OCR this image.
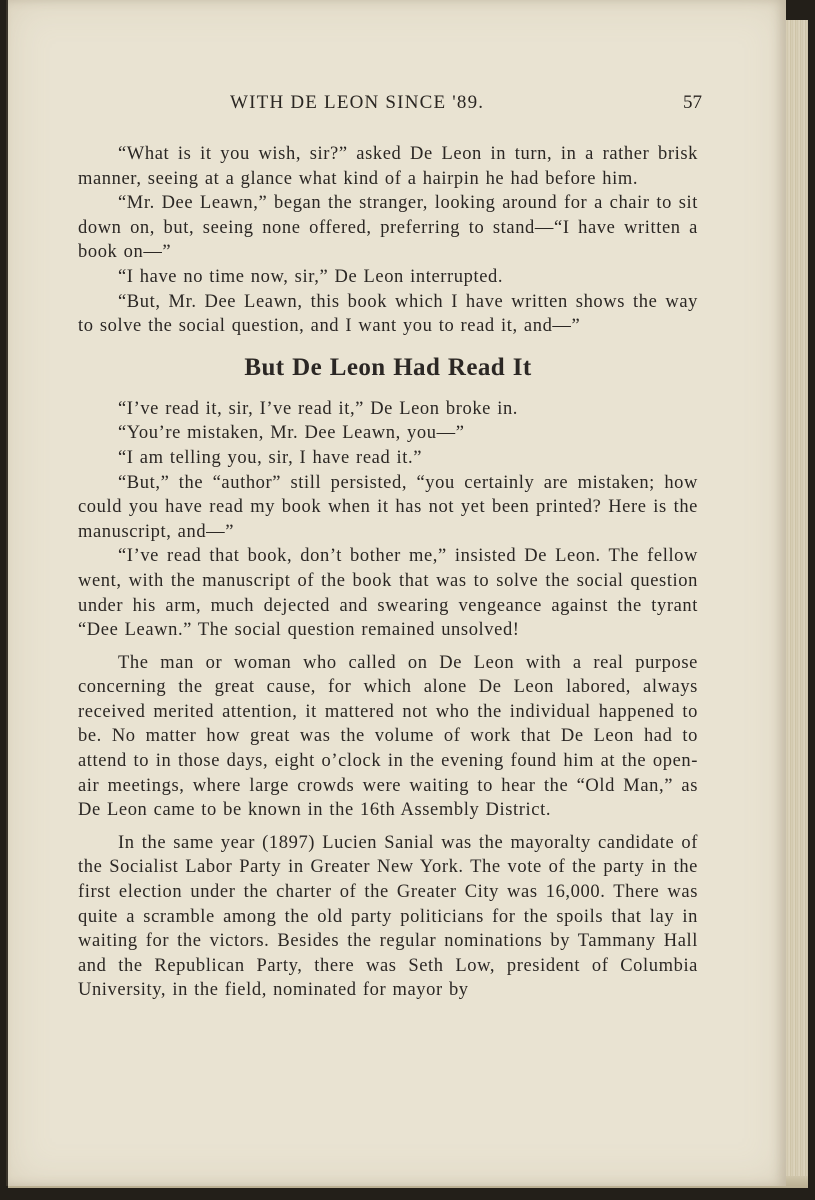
WITH DE LEON SINCE '89.	57

“What is it you wish, sir?” asked De Leon in turn, in a rather brisk manner, seeing at a glance what kind of a hairpin he had before him.

“Mr. Dee Leawn,” began the stranger, looking around for a chair to sit down on, but, seeing none offered, preferring to stand—“I have written a book on—”

“I have no time now, sir,” De Leon interrupted.

“But, Mr. Dee Leawn, this book which I have written shows the way to solve the social question, and I want you to read it, and—”

But De Leon Had Read It

“I’ve read it, sir, I’ve read it,” De Leon broke in.

“You’re mistaken, Mr. Dee Leawn, you—”

“I am telling you, sir, I have read it.”

“But,” the “author” still persisted, “you certainly are mistaken; how could you have read my book when it has not yet been printed? Here is the manuscript, and—”

“I’ve read that book, don’t bother me,” insisted De Leon. The fellow went, with the manuscript of the book that was to solve the social question under his arm, much dejected and swearing vengeance against the tyrant “Dee Leawn.” The social question remained unsolved!

The man or woman who called on De Leon with a real purpose concerning the great cause, for which alone De Leon labored, always received merited attention, it mattered not who the individual happened to be. No matter how great was the volume of work that De Leon had to attend to in those days, eight o’clock in the evening found him at the open-air meetings, where large crowds were waiting to hear the “Old Man,” as De Leon came to be known in the 16th Assembly District.

In the same year (1897) Lucien Sanial was the mayoralty candidate of the Socialist Labor Party in Greater New York. The vote of the party in the first election under the charter of the Greater City was 16,000. There was quite a scramble among the old party politicians for the spoils that lay in waiting for the victors. Besides the regular nominations by Tammany Hall and the Republican Party, there was Seth Low, president of Columbia University, in the field, nominated for mayor by
